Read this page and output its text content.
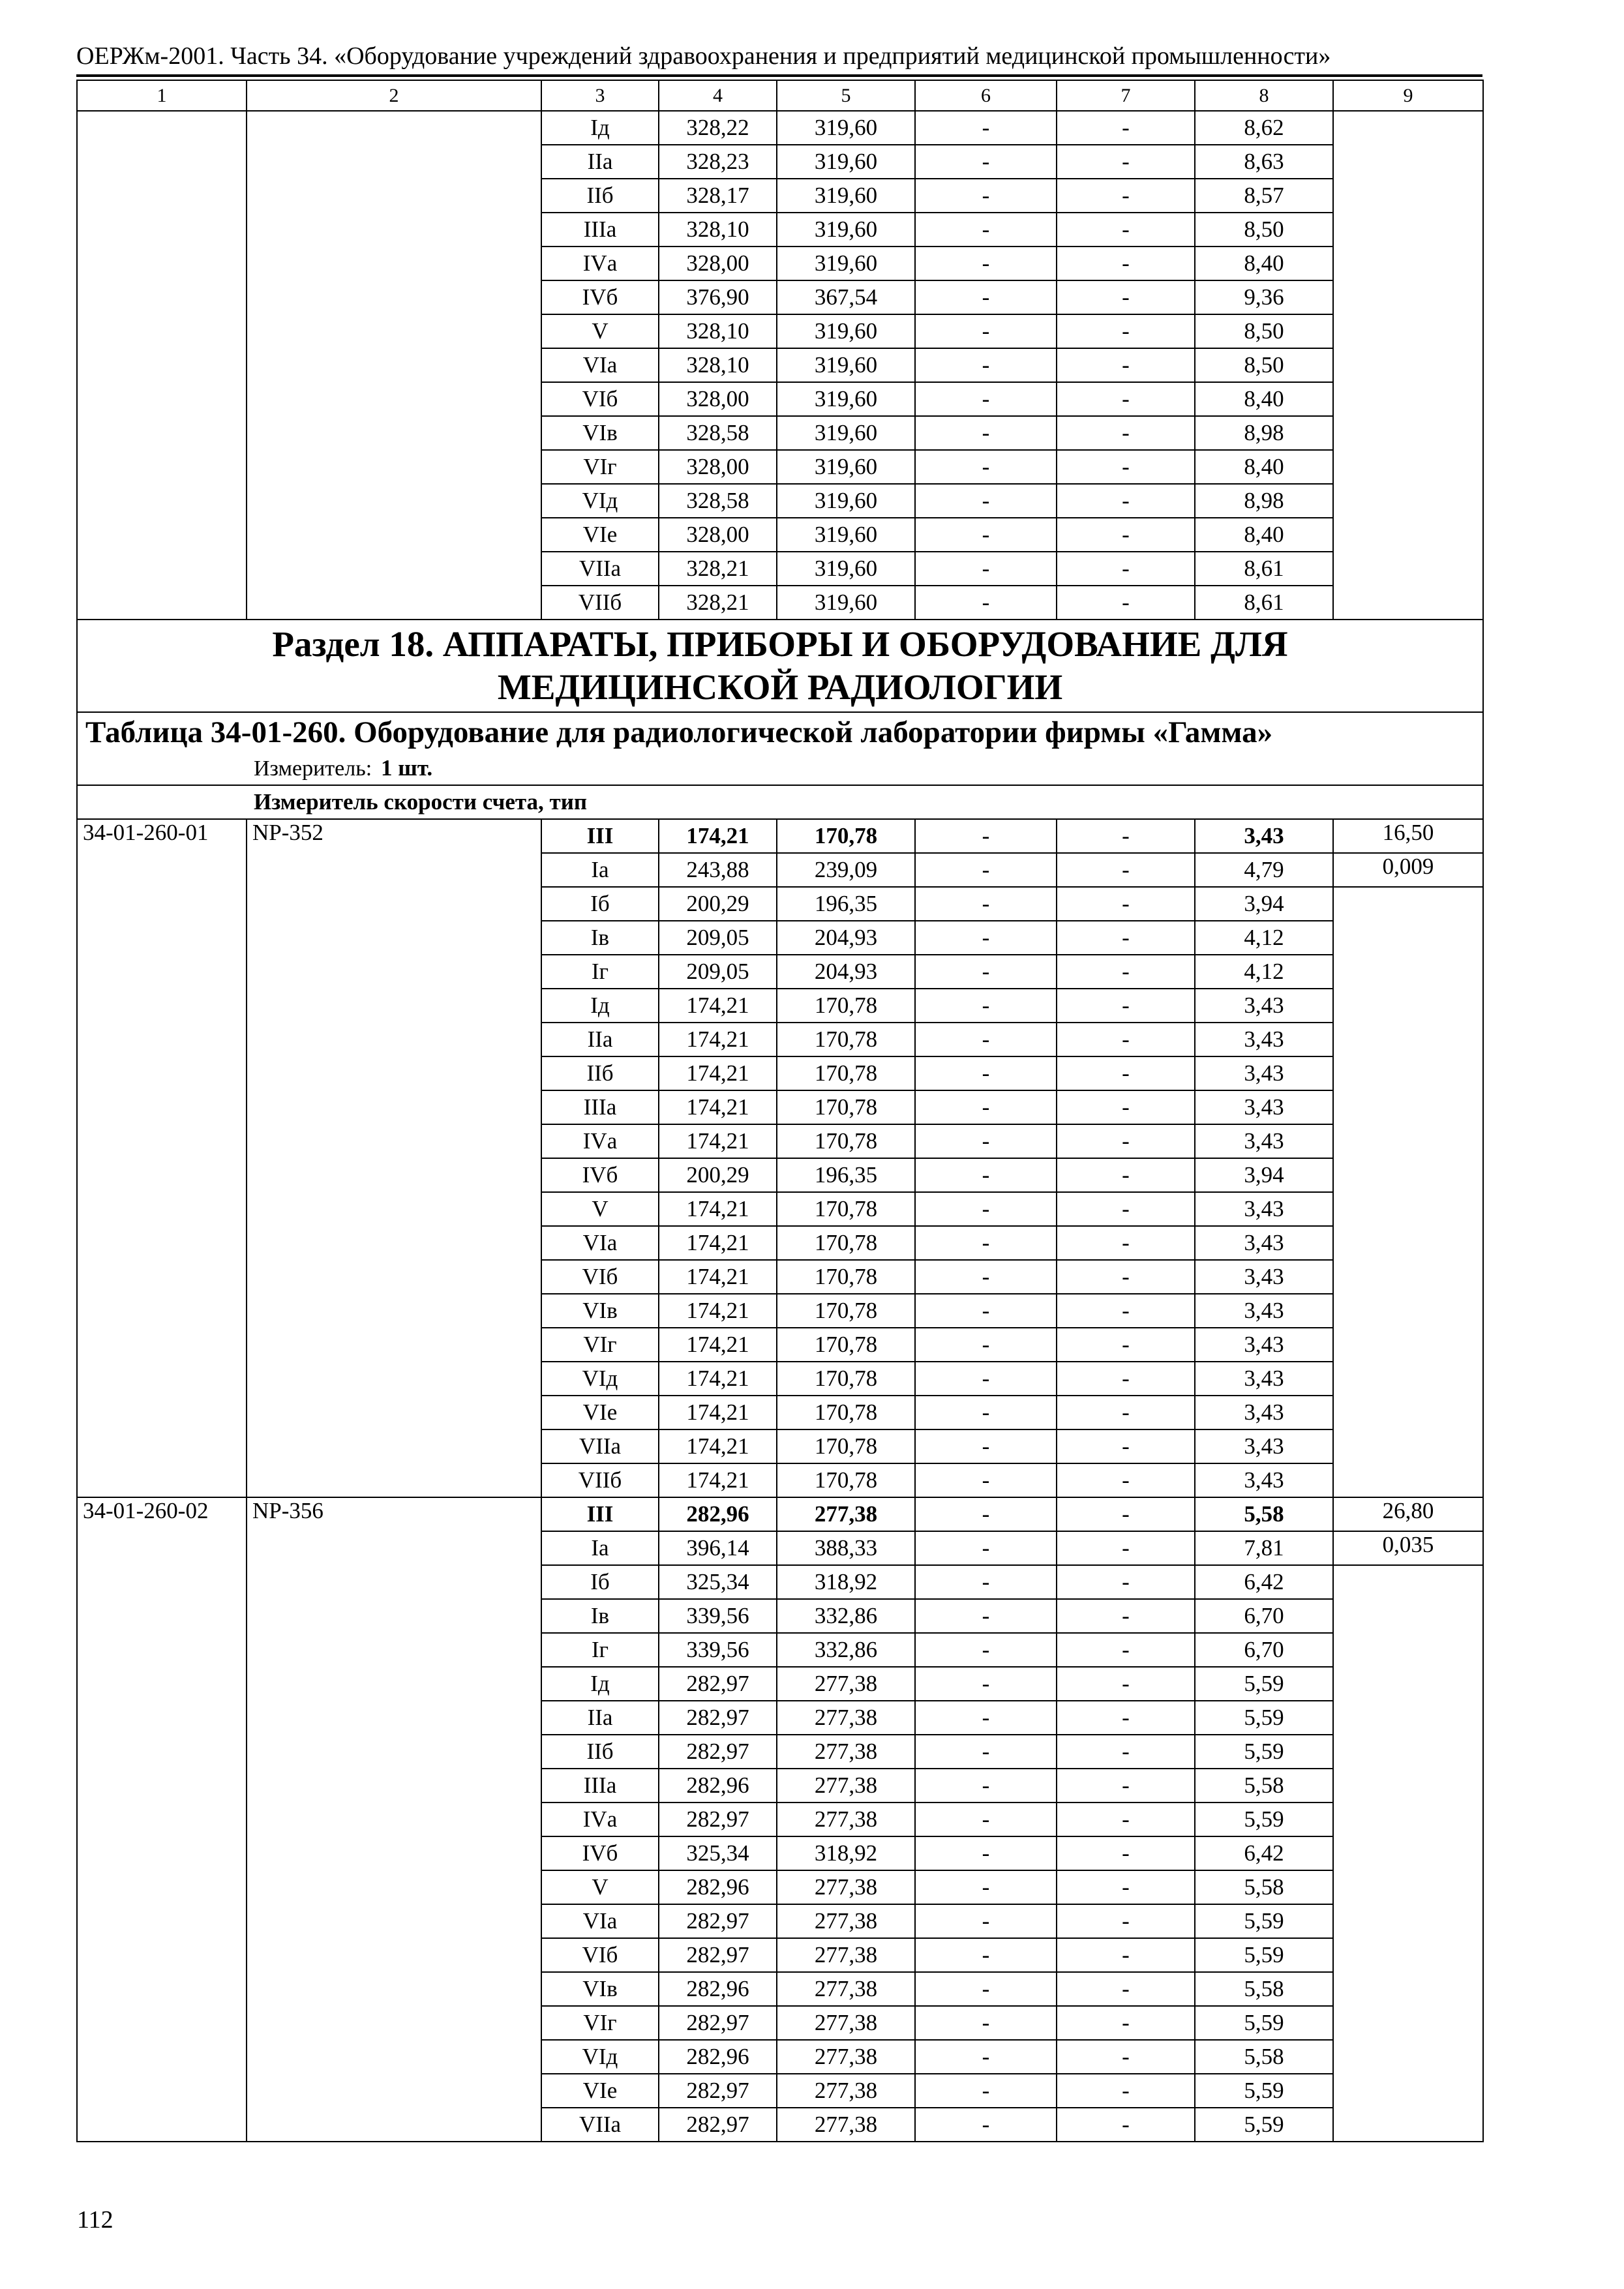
ОЕРЖм-2001. Часть 34. «Оборудование учреждений здравоохранения и предприятий медицинской промышленности»
1	2	3	4	5	6	7	8	9
		Iд	328,22	319,60	-	-	8,62	
		IIа	328,23	319,60	-	-	8,63	
		IIб	328,17	319,60	-	-	8,57	
		IIIа	328,10	319,60	-	-	8,50	
		IVа	328,00	319,60	-	-	8,40	
		IVб	376,90	367,54	-	-	9,36	
		V	328,10	319,60	-	-	8,50	
		VIа	328,10	319,60	-	-	8,50	
		VIб	328,00	319,60	-	-	8,40	
		VIв	328,58	319,60	-	-	8,98	
		VIг	328,00	319,60	-	-	8,40	
		VIд	328,58	319,60	-	-	8,98	
		VIе	328,00	319,60	-	-	8,40	
		VIIа	328,21	319,60	-	-	8,61	
		VIIб	328,21	319,60	-	-	8,61	
Раздел 18. АППАРАТЫ, ПРИБОРЫ И ОБОРУДОВАНИЕ ДЛЯ
МЕДИЦИНСКОЙ РАДИОЛОГИИ								
Таблица 34-01-260. Оборудование для радиологической лаборатории фирмы «Гамма»								
Измеритель: 1 шт.								
Измеритель скорости счета, тип								
34-01-260-01	NP-352	III	174,21	170,78	-	-	3,43	16,50
		Iа	243,88	239,09	-	-	4,79	0,009
		Iб	200,29	196,35	-	-	3,94	
		Iв	209,05	204,93	-	-	4,12	
		Iг	209,05	204,93	-	-	4,12	
		Iд	174,21	170,78	-	-	3,43	
		IIа	174,21	170,78	-	-	3,43	
		IIб	174,21	170,78	-	-	3,43	
		IIIа	174,21	170,78	-	-	3,43	
		IVа	174,21	170,78	-	-	3,43	
		IVб	200,29	196,35	-	-	3,94	
		V	174,21	170,78	-	-	3,43	
		VIа	174,21	170,78	-	-	3,43	
		VIб	174,21	170,78	-	-	3,43	
		VIв	174,21	170,78	-	-	3,43	
		VIг	174,21	170,78	-	-	3,43	
		VIд	174,21	170,78	-	-	3,43	
		VIе	174,21	170,78	-	-	3,43	
		VIIа	174,21	170,78	-	-	3,43	
		VIIб	174,21	170,78	-	-	3,43	
34-01-260-02	NP-356	III	282,96	277,38	-	-	5,58	26,80
		Iа	396,14	388,33	-	-	7,81	0,035
		Iб	325,34	318,92	-	-	6,42	
		Iв	339,56	332,86	-	-	6,70	
		Iг	339,56	332,86	-	-	6,70	
		Iд	282,97	277,38	-	-	5,59	
		IIа	282,97	277,38	-	-	5,59	
		IIб	282,97	277,38	-	-	5,59	
		IIIа	282,96	277,38	-	-	5,58	
		IVа	282,97	277,38	-	-	5,59	
		IVб	325,34	318,92	-	-	6,42	
		V	282,96	277,38	-	-	5,58	
		VIа	282,97	277,38	-	-	5,59	
		VIб	282,97	277,38	-	-	5,59	
		VIв	282,96	277,38	-	-	5,58	
		VIг	282,97	277,38	-	-	5,59	
		VIд	282,96	277,38	-	-	5,58	
		VIе	282,97	277,38	-	-	5,59	
		VIIа	282,97	277,38	-	-	5,59	
112
